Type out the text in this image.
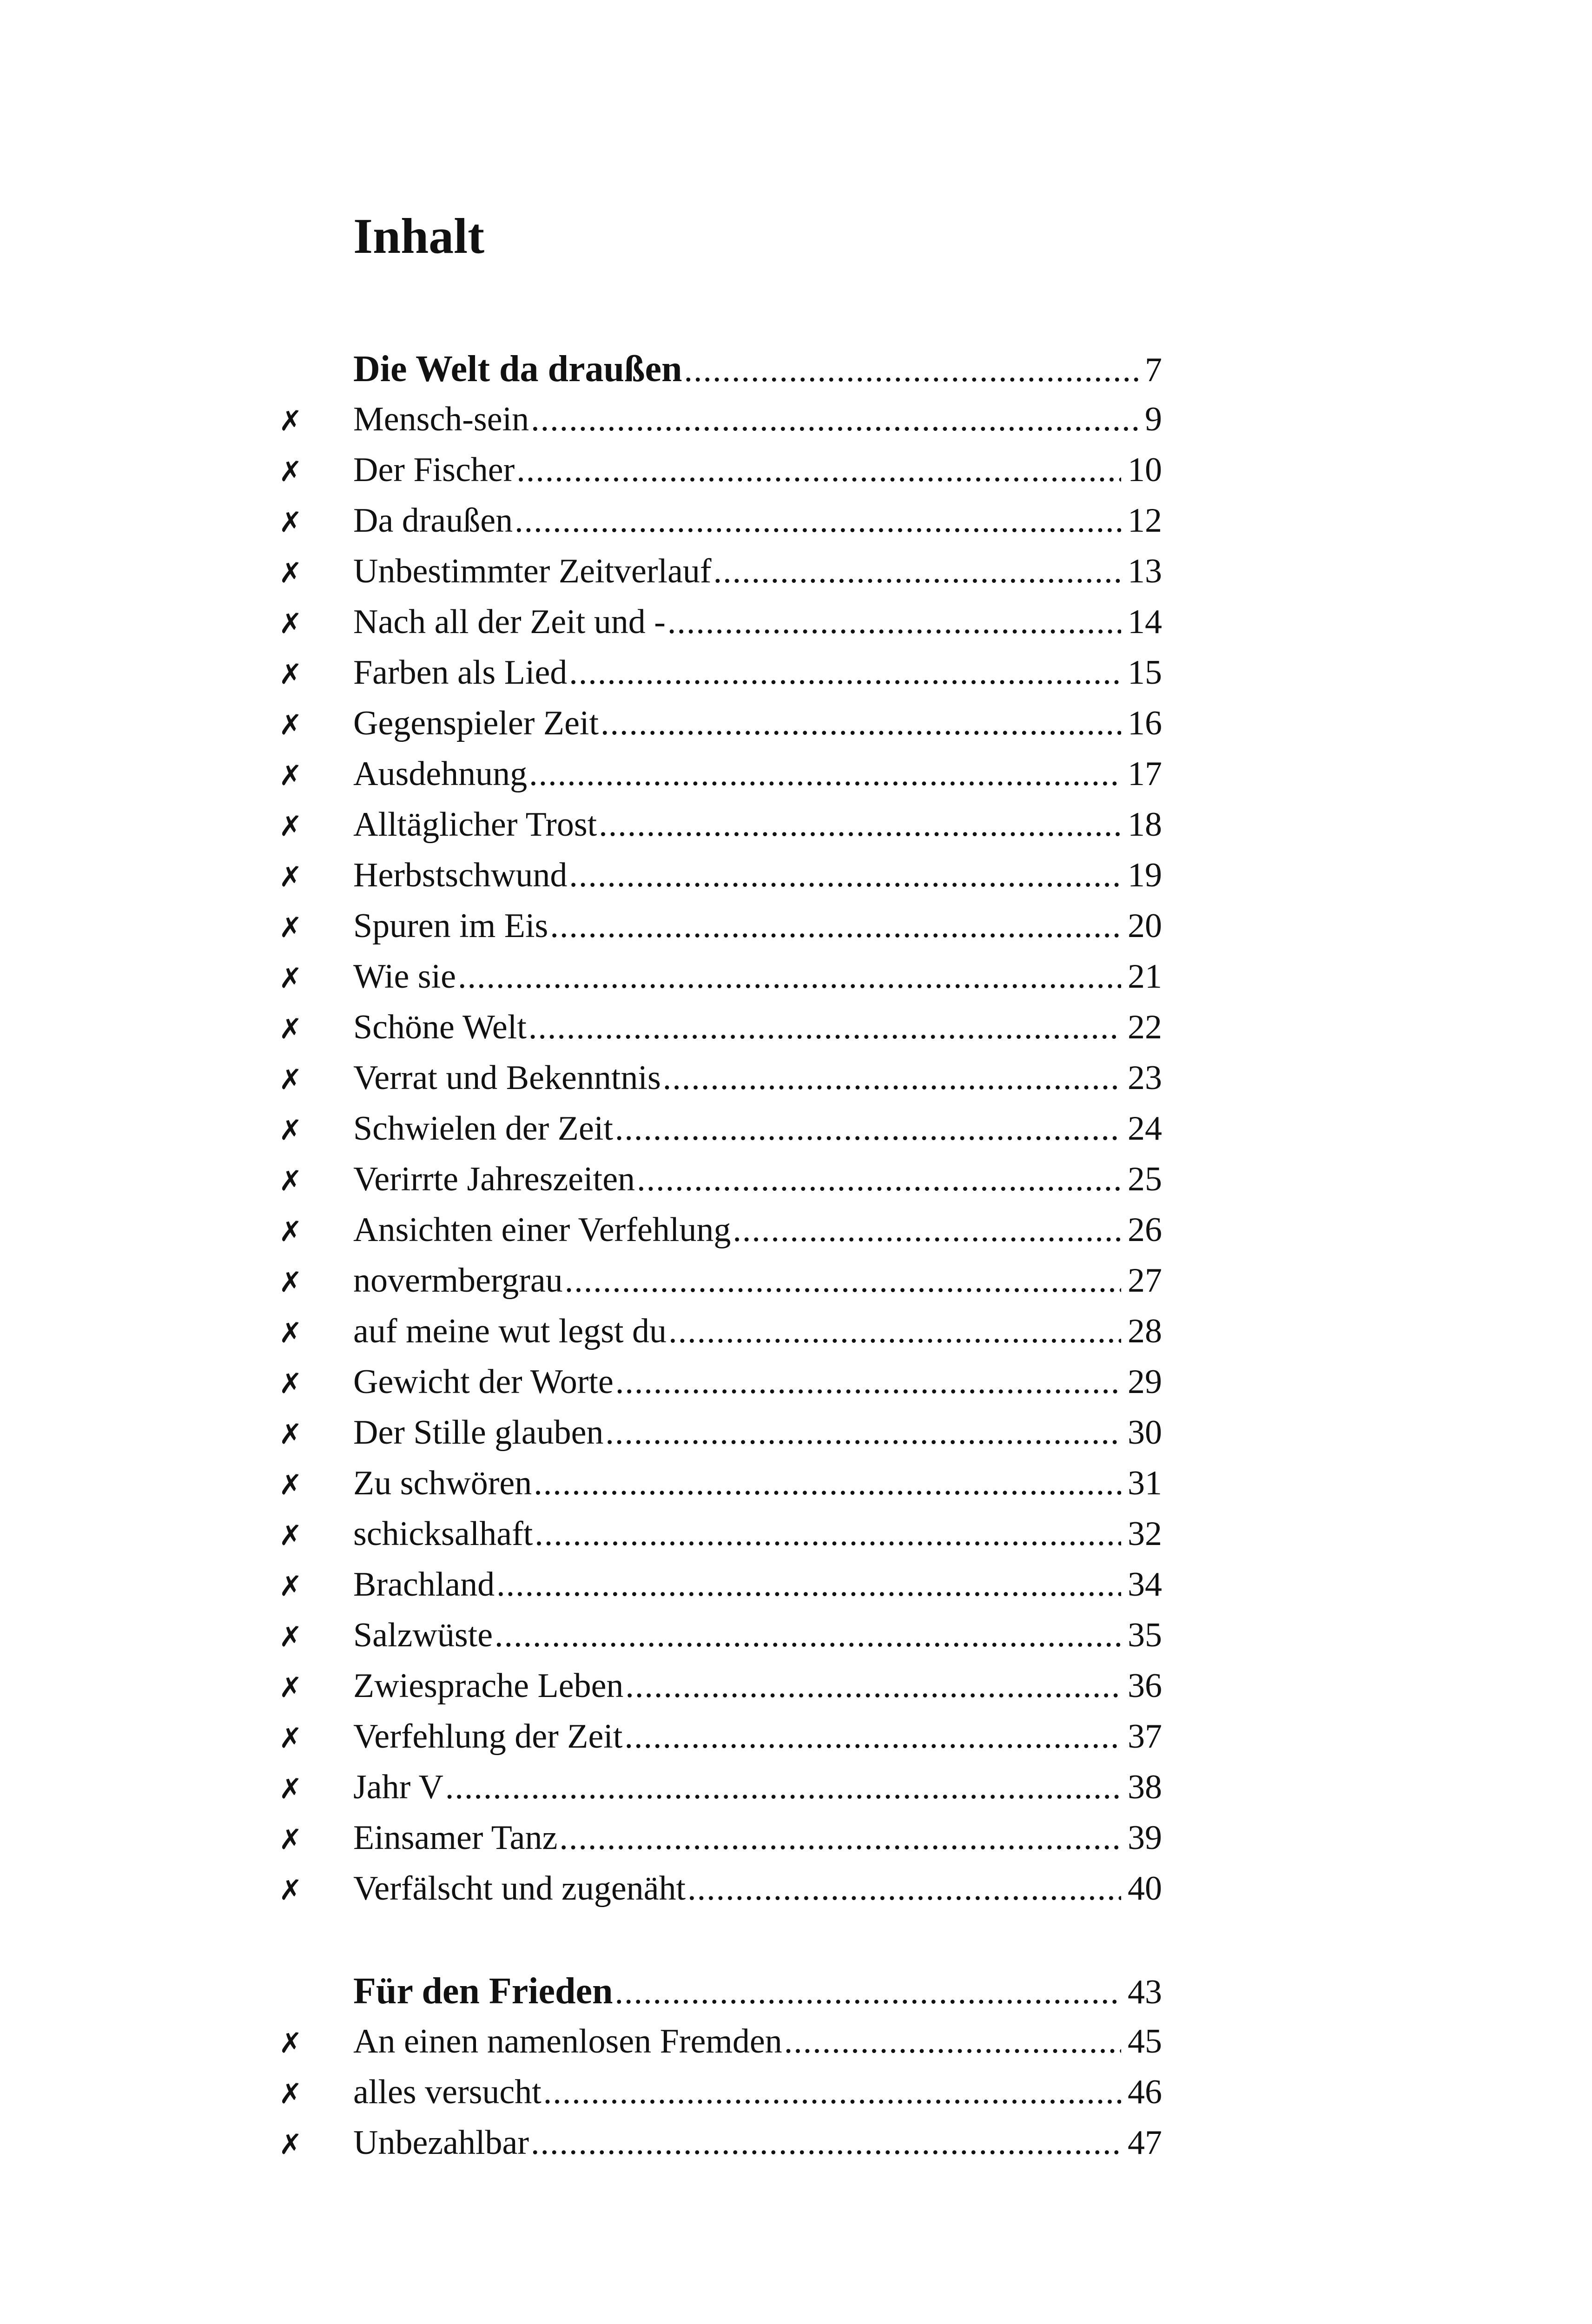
Inhalt
Die Welt da draußen .....	7
✗	Mensch-sein .....	9
✗	Der Fischer .....	10
✗	Da draußen .....	12
✗	Unbestimmter Zeitverlauf .....	13
✗	Nach all der Zeit und - .....	14
✗	Farben als Lied .....	15
✗	Gegenspieler Zeit .....	16
✗	Ausdehnung .....	17
✗	Alltäglicher Trost .....	18
✗	Herbstschwund .....	19
✗	Spuren im Eis .....	20
✗	Wie sie .....	21
✗	Schöne Welt .....	22
✗	Verrat und Bekenntnis .....	23
✗	Schwielen der Zeit .....	24
✗	Verirrte Jahreszeiten .....	25
✗	Ansichten einer Verfehlung .....	26
✗	novermbergrau .....	27
✗	auf meine wut legst du .....	28
✗	Gewicht der Worte .....	29
✗	Der Stille glauben .....	30
✗	Zu schwören .....	31
✗	schicksalhaft .....	32
✗	Brachland .....	34
✗	Salzwüste .....	35
✗	Zwiesprache Leben .....	36
✗	Verfehlung der Zeit .....	37
✗	Jahr V .....	38
✗	Einsamer Tanz .....	39
✗	Verfälscht und zugenäht .....	40
Für den Frieden .....	43
✗	An einen namenlosen Fremden .....	45
✗	alles versucht .....	46
✗	Unbezahlbar .....	47
